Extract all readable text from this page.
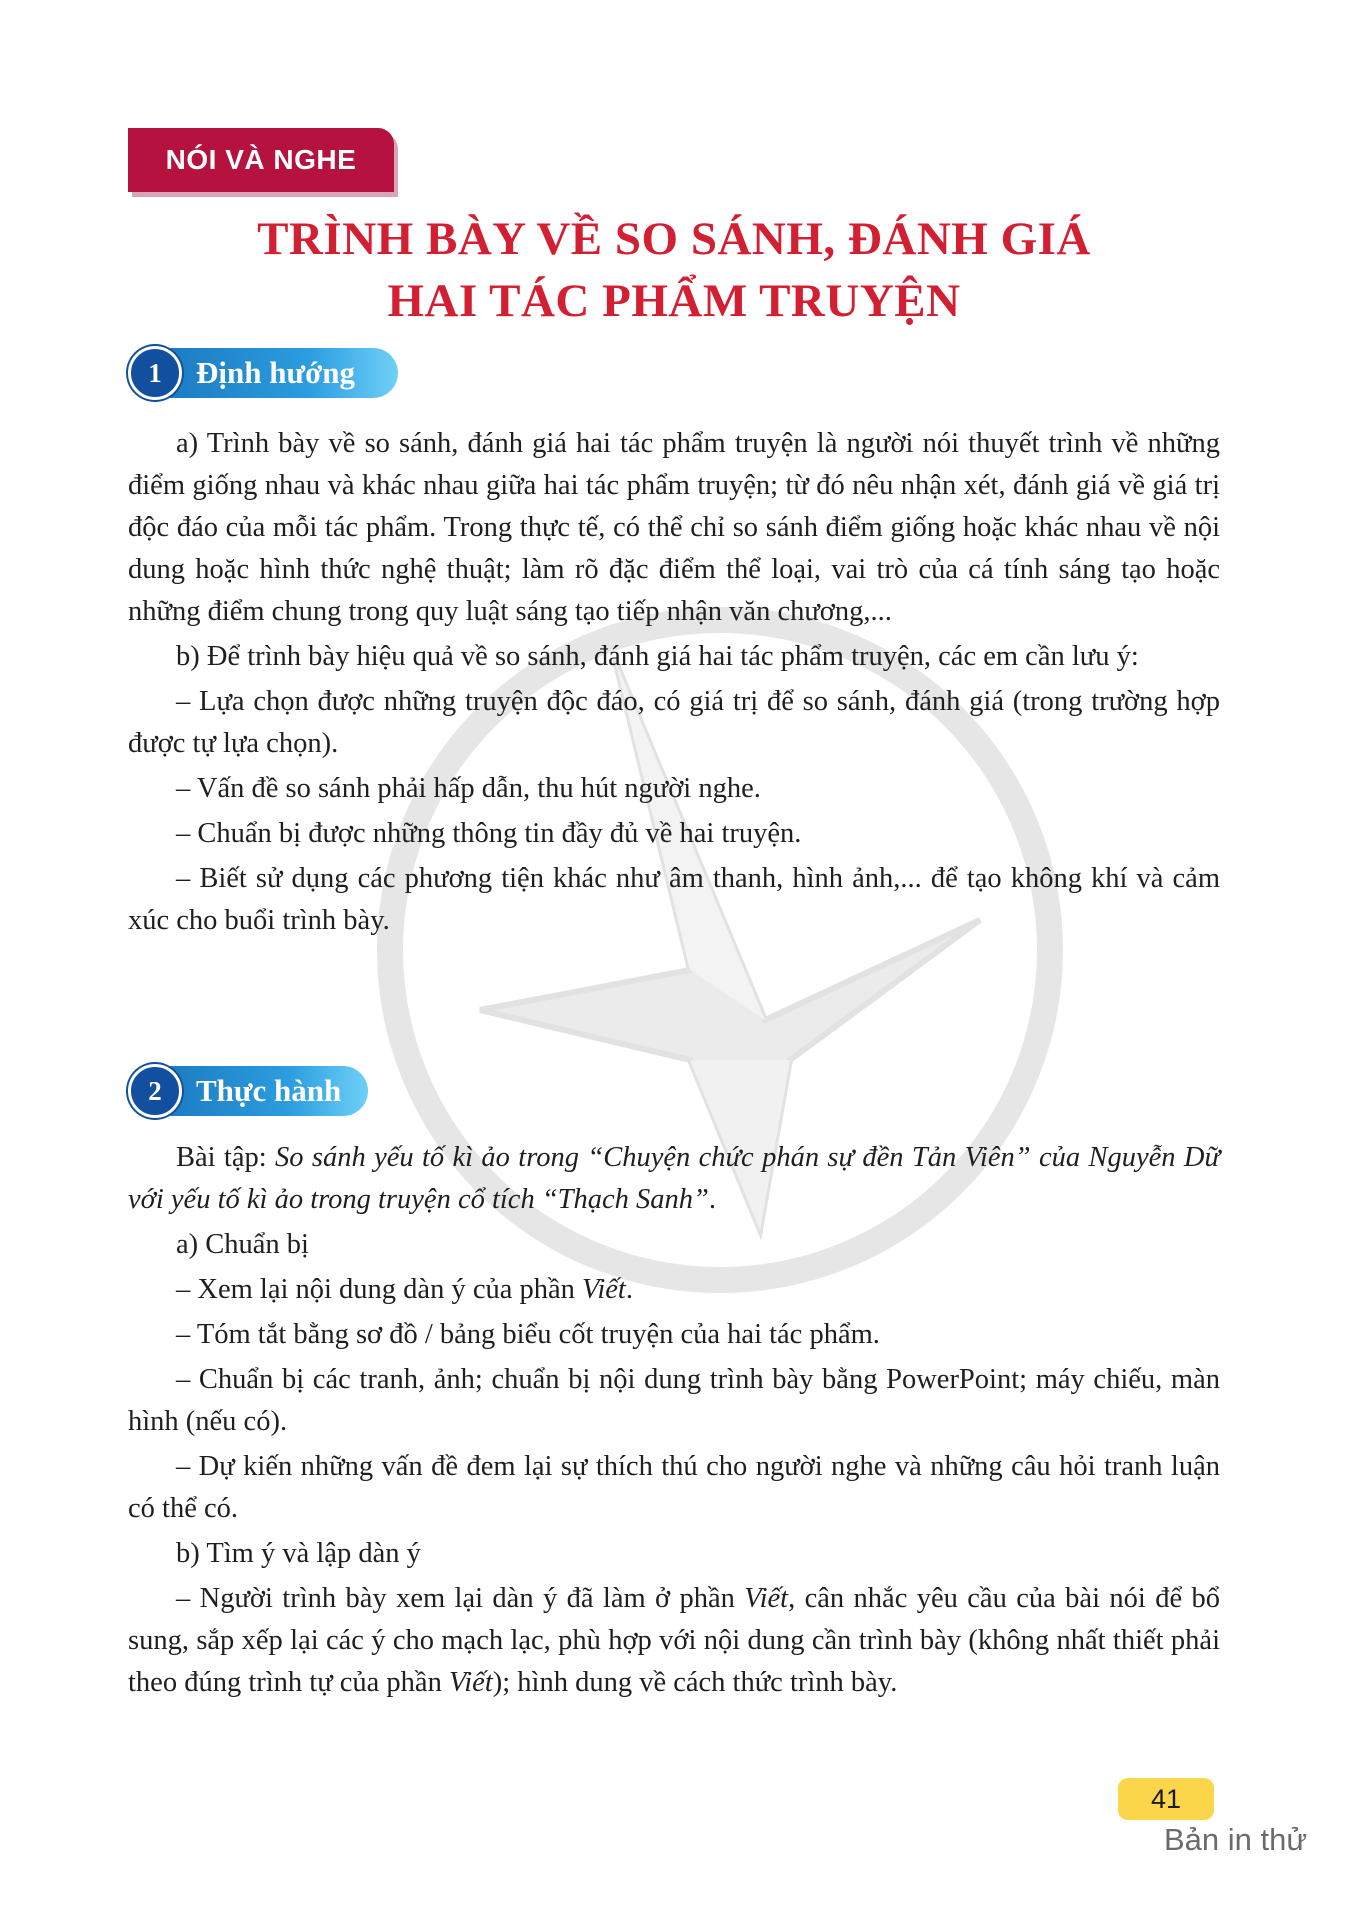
NÓI VÀ NGHE
TRÌNH BÀY VỀ SO SÁNH, ĐÁNH GIÁ
HAI TÁC PHẨM TRUYỆN
1	Định hướng

a) Trình bày về so sánh, đánh giá hai tác phẩm truyện là người nói thuyết trình về những điểm giống nhau và khác nhau giữa hai tác phẩm truyện; từ đó nêu nhận xét, đánh giá về giá trị độc đáo của mỗi tác phẩm. Trong thực tế, có thể chỉ so sánh điểm giống hoặc khác nhau về nội dung hoặc hình thức nghệ thuật; làm rõ đặc điểm thể loại, vai trò của cá tính sáng tạo hoặc những điểm chung trong quy luật sáng tạo tiếp nhận văn chương,...

b) Để trình bày hiệu quả về so sánh, đánh giá hai tác phẩm truyện, các em cần lưu ý:

– Lựa chọn được những truyện độc đáo, có giá trị để so sánh, đánh giá (trong trường hợp được tự lựa chọn).

– Vấn đề so sánh phải hấp dẫn, thu hút người nghe.

– Chuẩn bị được những thông tin đầy đủ về hai truyện.

– Biết sử dụng các phương tiện khác như âm thanh, hình ảnh,... để tạo không khí và cảm xúc cho buổi trình bày.

2	Thực hành

Bài tập: So sánh yếu tố kì ảo trong “Chuyện chức phán sự đền Tản Viên” của Nguyễn Dữ với yếu tố kì ảo trong truyện cổ tích “Thạch Sanh”.

a) Chuẩn bị

– Xem lại nội dung dàn ý của phần Viết.

– Tóm tắt bằng sơ đồ / bảng biểu cốt truyện của hai tác phẩm.

– Chuẩn bị các tranh, ảnh; chuẩn bị nội dung trình bày bằng PowerPoint; máy chiếu, màn hình (nếu có).

– Dự kiến những vấn đề đem lại sự thích thú cho người nghe và những câu hỏi tranh luận có thể có.

b) Tìm ý và lập dàn ý

– Người trình bày xem lại dàn ý đã làm ở phần Viết, cân nhắc yêu cầu của bài nói để bổ sung, sắp xếp lại các ý cho mạch lạc, phù hợp với nội dung cần trình bày (không nhất thiết phải theo đúng trình tự của phần Viết); hình dung về cách thức trình bày.

41
Bản in thử
